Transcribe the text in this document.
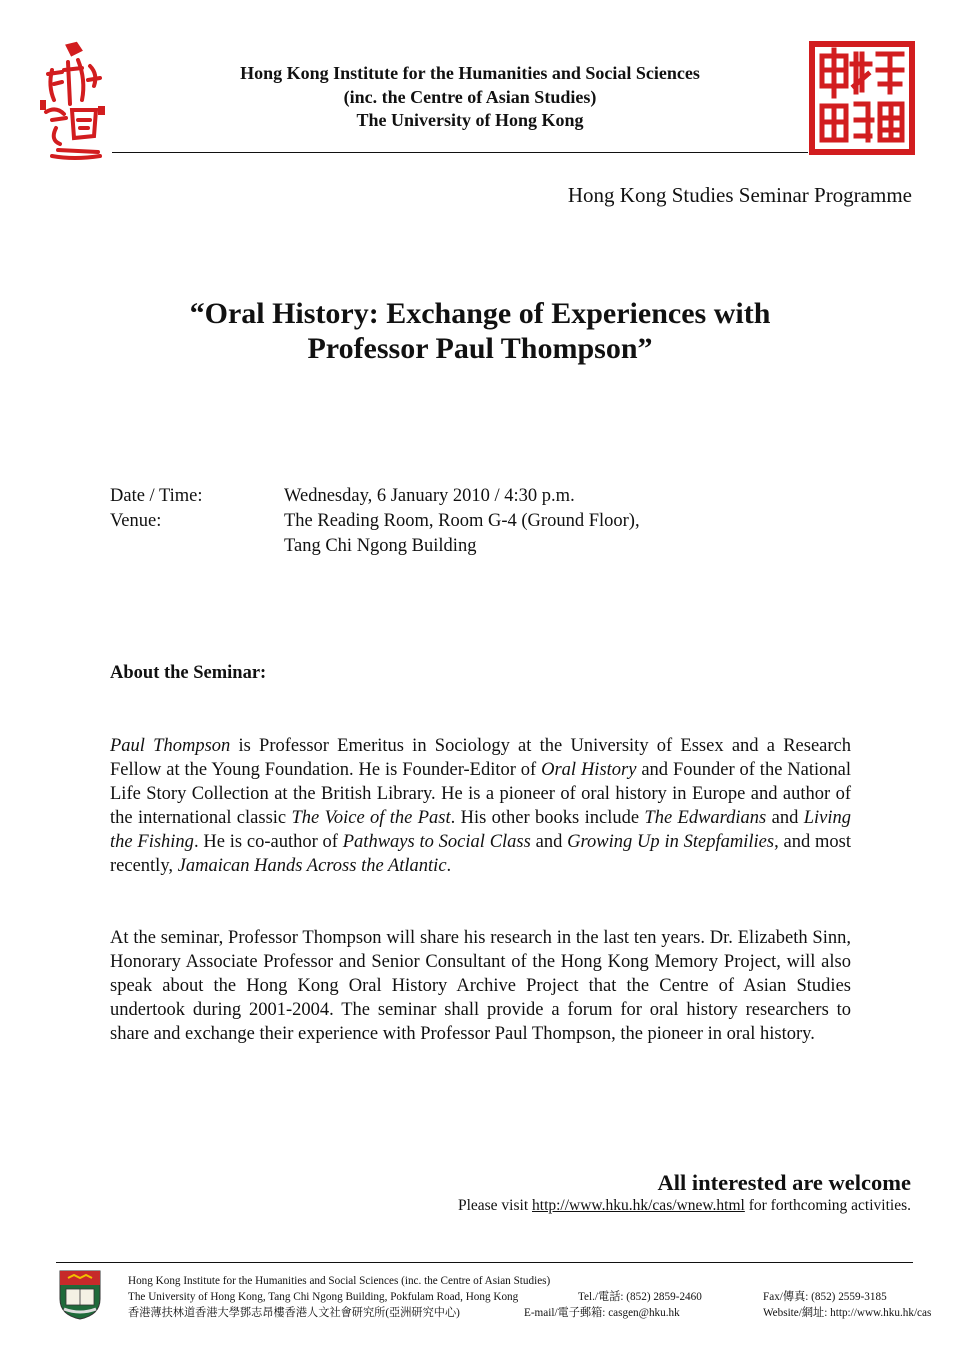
Hong Kong Institute for the Humanities and Social Sciences
(inc. the Centre of Asian Studies)
The University of Hong Kong
Hong Kong Studies Seminar Programme
“Oral History: Exchange of Experiences with
Professor Paul Thompson”
Date / Time:	Wednesday, 6 January 2010 / 4:30 p.m.
Venue:	The Reading Room, Room G-4 (Ground Floor),
Tang Chi Ngong Building
About the Seminar:
Paul Thompson is Professor Emeritus in Sociology at the University of Essex and a Research Fellow at the Young Foundation. He is Founder-Editor of Oral History and Founder of the National Life Story Collection at the British Library. He is a pioneer of oral history in Europe and author of the international classic The Voice of the Past. His other books include The Edwardians and Living the Fishing. He is co-author of Pathways to Social Class and Growing Up in Stepfamilies, and most recently, Jamaican Hands Across the Atlantic.
At the seminar, Professor Thompson will share his research in the last ten years. Dr. Elizabeth Sinn, Honorary Associate Professor and Senior Consultant of the Hong Kong Memory Project, will also speak about the Hong Kong Oral History Archive Project that the Centre of Asian Studies undertook during 2001-2004. The seminar shall provide a forum for oral history researchers to share and exchange their experience with Professor Paul Thompson, the pioneer in oral history.
All interested are welcome
Please visit http://www.hku.hk/cas/wnew.html for forthcoming activities.
Hong Kong Institute for the Humanities and Social Sciences (inc. the Centre of Asian Studies)
The University of Hong Kong, Tang Chi Ngong Building, Pokfulam Road, Hong Kong	Tel./電話: (852) 2859-2460	Fax/傳真: (852) 2559-3185
香港薄扶林道香港大學鄧志昂樓香港人文社會研究所(亞洲研究中心)	E-mail/電子郵箱: casgen@hku.hk	Website/網址: http://www.hku.hk/cas
